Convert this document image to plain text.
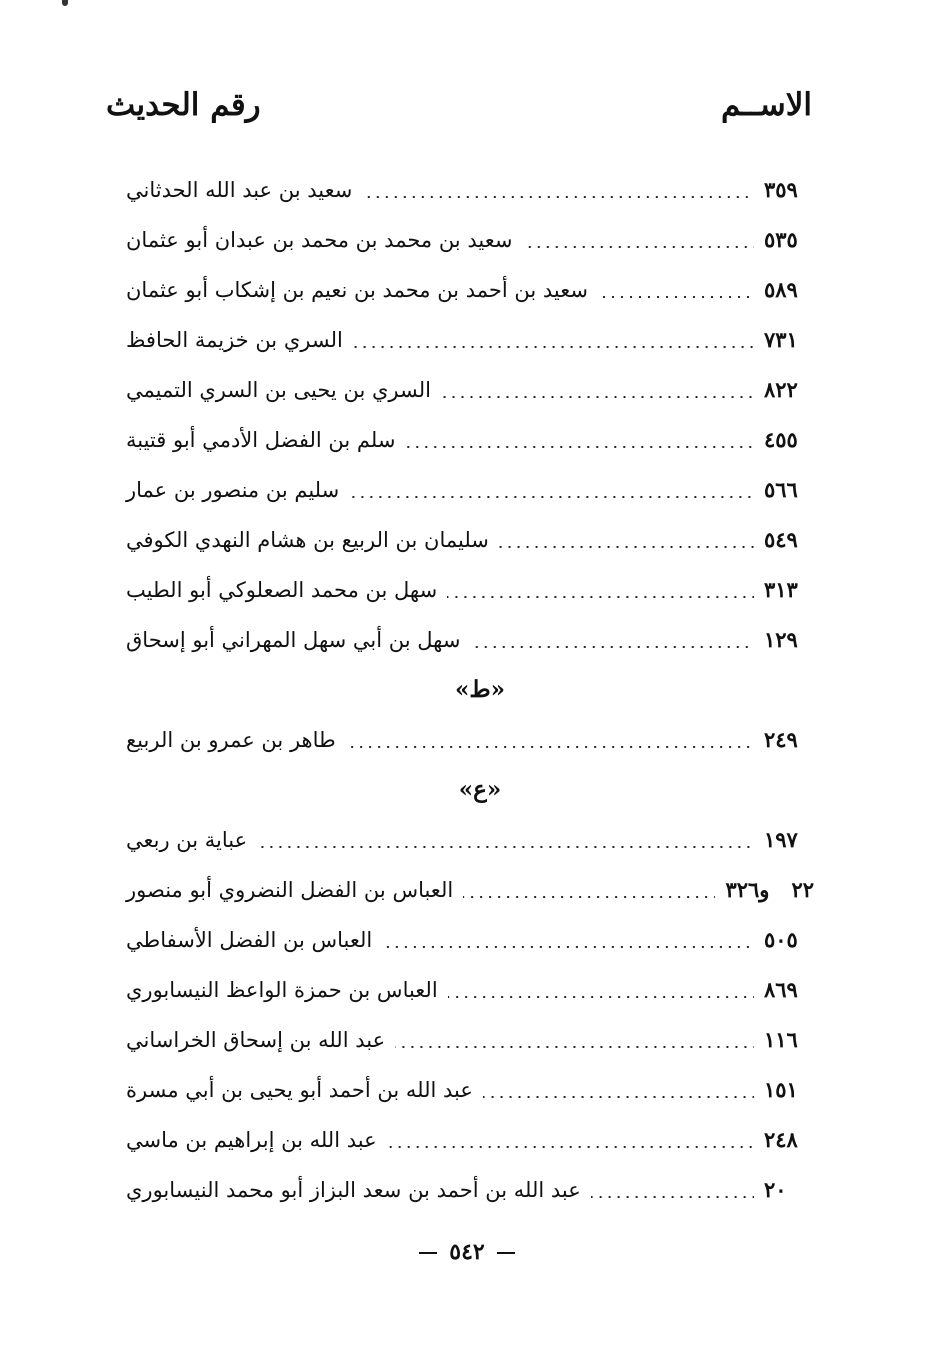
الاســم
رقم الحديث
سعيد بن عبد الله الحدثاني	٣٥٩
سعيد بن محمد بن محمد بن عبدان أبو عثمان	٥٣٥
سعيد بن أحمد بن محمد بن نعيم بن إشكاب أبو عثمان	٥٨٩
السري بن خزيمة الحافظ	٧٣١
السري بن يحيى بن السري التميمي	٨٢٢
سلم بن الفضل الأدمي أبو قتيبة	٤٥٥
سليم بن منصور بن عمار	٥٦٦
سليمان بن الربيع بن هشام النهدي الكوفي	٥٤٩
سهل بن محمد الصعلوكي أبو الطيب	٣١٣
سهل بن أبي سهل المهراني أبو إسحاق	١٢٩
«ط»
طاهر بن عمرو بن الربيع	٢٤٩
«ع»
عباية بن ربعي	١٩٧
العباس بن الفضل النضروي أبو منصور	٢٢و٣٢٦
العباس بن الفضل الأسفاطي	٥٠٥
العباس بن حمزة الواعظ النيسابوري	٨٦٩
عبد الله بن إسحاق الخراساني	١١٦
عبد الله بن أحمد أبو يحيى بن أبي مسرة	١٥١
عبد الله بن إبراهيم بن ماسي	٢٤٨
عبد الله بن أحمد بن سعد البزاز أبو محمد النيسابوري	٢٠
٥٤٢
